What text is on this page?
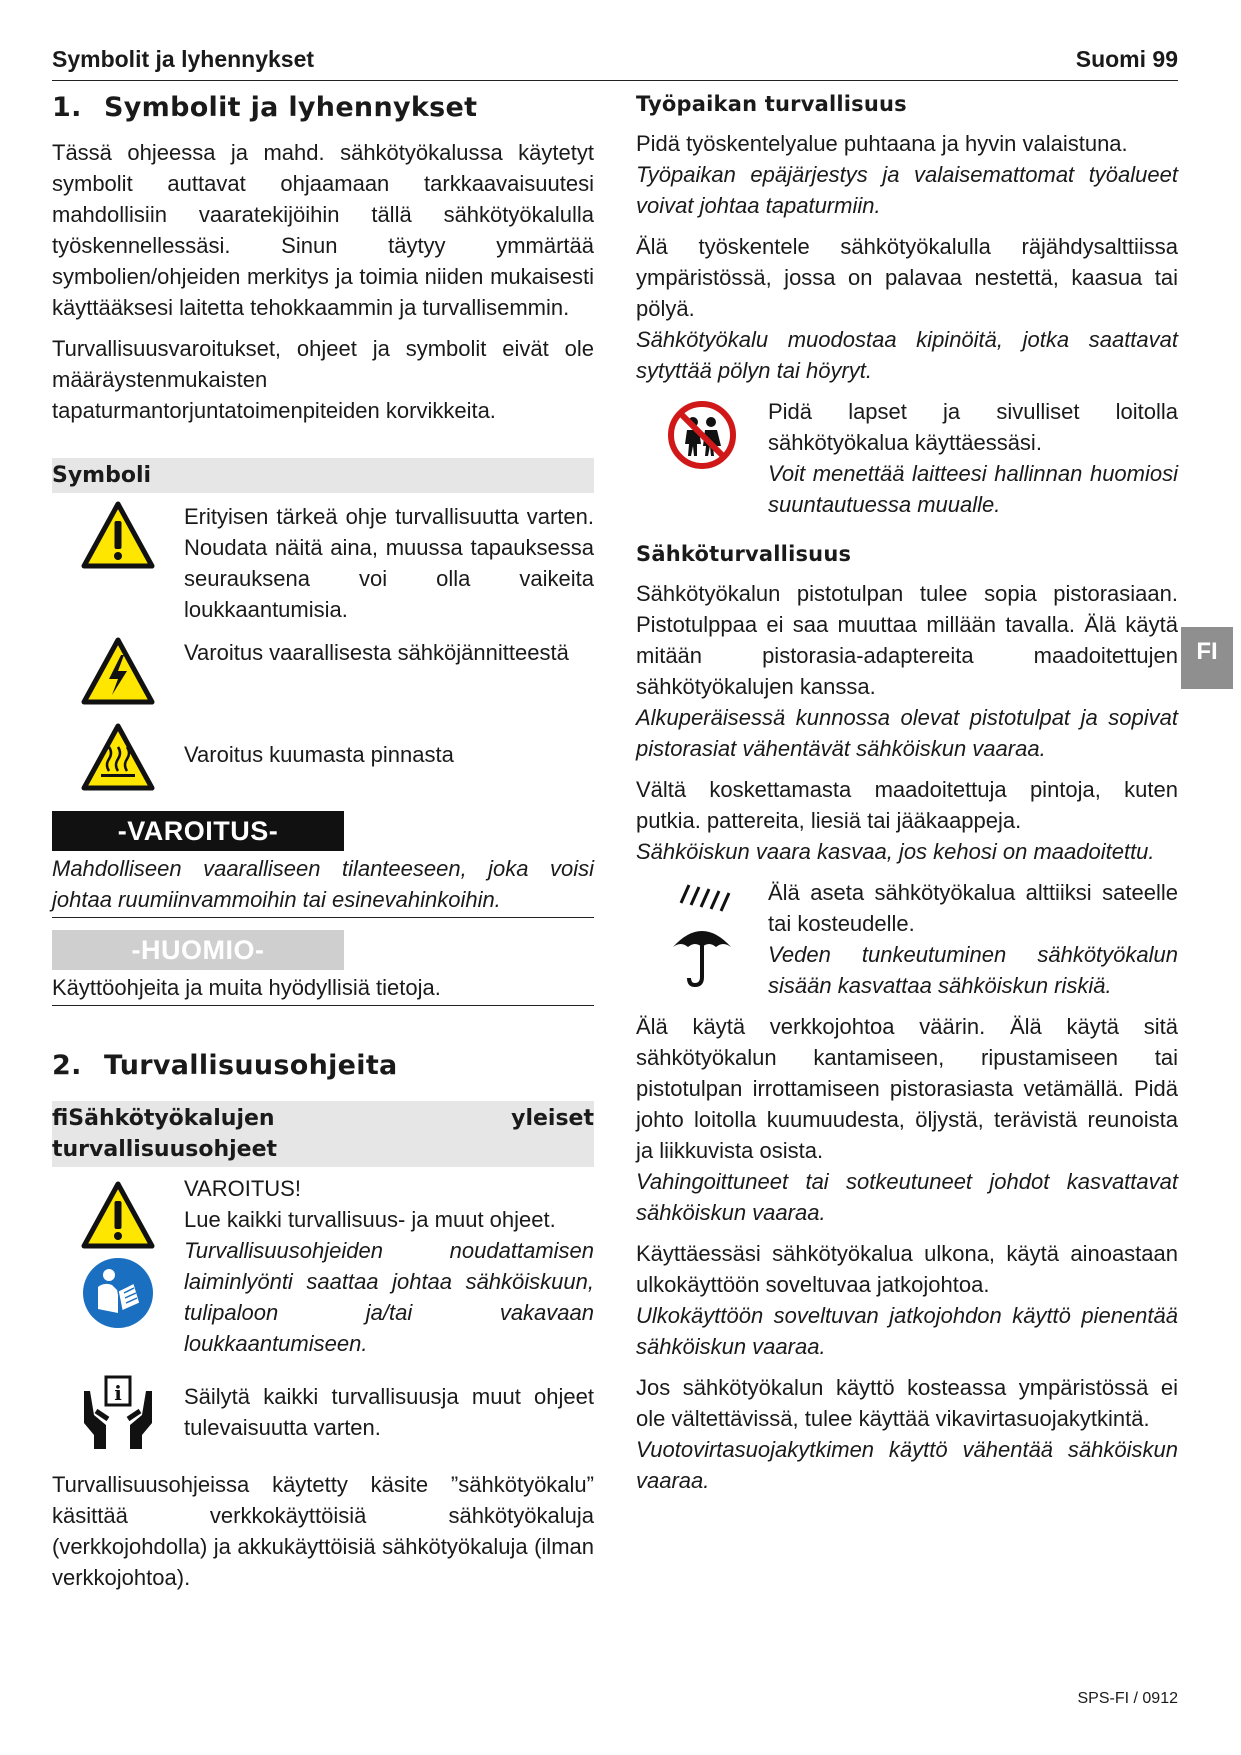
Symbolit ja lyhennykset	Suomi 99
1. Symbolit ja lyhennykset

Tässä ohjeessa ja mahd. sähkötyökalussa käytetyt symbolit auttavat ohjaamaan tarkkaavaisuutesi mahdollisiin vaaratekijöihin tällä sähkötyökalulla työskennellessäsi. Sinun täytyy ymmärtää symbolien/ohjeiden merkitys ja toimia niiden mukaisesti käyttääksesi laitetta tehokkaammin ja turvallisemmin.

Turvallisuusvaroitukset, ohjeet ja symbolit eivät ole määräystenmukaisten tapaturmantorjuntatoimenpiteiden korvikkeita.

Symboli
Erityisen tärkeä ohje turvallisuutta varten. Noudata näitä aina, muussa tapauksessa seurauksena voi olla vaikeita loukkaantumisia.
Varoitus vaarallisesta sähköjännitteestä
Varoitus kuumasta pinnasta
-VAROITUS-

Mahdolliseen vaaralliseen tilanteeseen, joka voisi johtaa ruumiinvammoihin tai esinevahinkoihin.

-HUOMIO-

Käyttöohjeita ja muita hyödyllisiä tietoja.

2. Turvallisuusohjeita
fiSähkötyökalujen yleiset turvallisuusohjeet
VAROITUS!
Lue kaikki turvallisuus- ja muut ohjeet.
Turvallisuusohjeiden noudattamisen laiminlyönti saattaa johtaa sähköiskuun, tulipaloon ja/tai vakavaan loukkaantumiseen.
i	Säilytä kaikki turvallisuusja muut ohjeet tulevaisuutta varten.

Turvallisuusohjeissa käytetty käsite ”sähkötyökalu” käsittää verkkokäyttöisiä sähkötyökaluja (verkkojohdolla) ja akkukäyttöisiä sähkötyökaluja (ilman verkkojohtoa).

Työpaikan turvallisuus

Pidä työskentelyalue puhtaana ja hyvin valaistuna.

Työpaikan epäjärjestys ja valaisemattomat työalueet voivat johtaa tapaturmiin.

Älä työskentele sähkötyökalulla räjähdysalttiissa ympäristössä, jossa on palavaa nestettä, kaasua tai pölyä.

Sähkötyökalu muodostaa kipinöitä, jotka saattavat sytyttää pölyn tai höyryt.

Pidä lapset ja sivulliset loitolla sähkötyökalua käyttäessäsi.
Voit menettää laitteesi hallinnan huomiosi suuntautuessa muualle.
Sähköturvallisuus

Sähkötyökalun pistotulpan tulee sopia pistorasiaan. Pistotulppaa ei saa muuttaa millään tavalla. Älä käytä mitään pistorasia-adaptereita maadoitettujen sähkötyökalujen kanssa.

Alkuperäisessä kunnossa olevat pistotulpat ja sopivat pistorasiat vähentävät sähköiskun vaaraa.

Vältä koskettamasta maadoitettuja pintoja, kuten putkia. pattereita, liesiä tai jääkaappeja.

Sähköiskun vaara kasvaa, jos kehosi on maadoitettu.

Älä aseta sähkötyökalua alttiiksi sateelle tai kosteudelle.
Veden tunkeutuminen sähkötyökalun sisään kasvattaa sähköiskun riskiä.

Älä käytä verkkojohtoa väärin. Älä käytä sitä sähkötyökalun kantamiseen, ripustamiseen tai pistotulpan irrottamiseen pistorasiasta vetämällä. Pidä johto loitolla kuumuudesta, öljystä, terävistä reunoista ja liikkuvista osista.

Vahingoittuneet tai sotkeutuneet johdot kasvattavat sähköiskun vaaraa.

Käyttäessäsi sähkötyökalua ulkona, käytä ainoastaan ulkokäyttöön soveltuvaa jatkojohtoa.

Ulkokäyttöön soveltuvan jatkojohdon käyttö pienentää sähköiskun vaaraa.

Jos sähkötyökalun käyttö kosteassa ympäristössä ei ole vältettävissä, tulee käyttää vikavirtasuojakytkintä.

Vuotovirtasuojakytkimen käyttö vähentää sähköiskun vaaraa.

FI
SPS-FI / 0912
